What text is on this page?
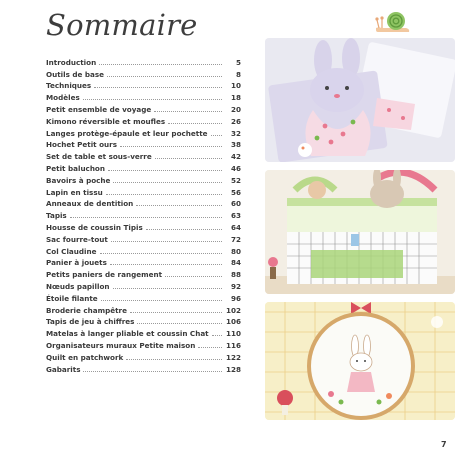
Sommaire
Introduction	5
Outils de base	8
Techniques	10
Modèles	18
Petit ensemble de voyage	20
Kimono réversible et moufles	26
Langes protège-épaule et leur pochette	32
Hochet Petit ours	38
Set de table et sous-verre	42
Petit baluchon	46
Bavoirs à poche	52
Lapin en tissu	56
Anneaux de dentition	60
Tapis	63
Housse de coussin Tipis	64
Sac fourre-tout	72
Col Claudine	80
Panier à jouets	84
Petits paniers de rangement	88
Nœuds papillon	92
Étoile filante	96
Broderie champêtre	102
Tapis de jeu à chiffres	106
Matelas à langer pliable et coussin Chat 110
Organisateurs muraux Petite maison	116
Quilt en patchwork	122
Gabarits	128
7
